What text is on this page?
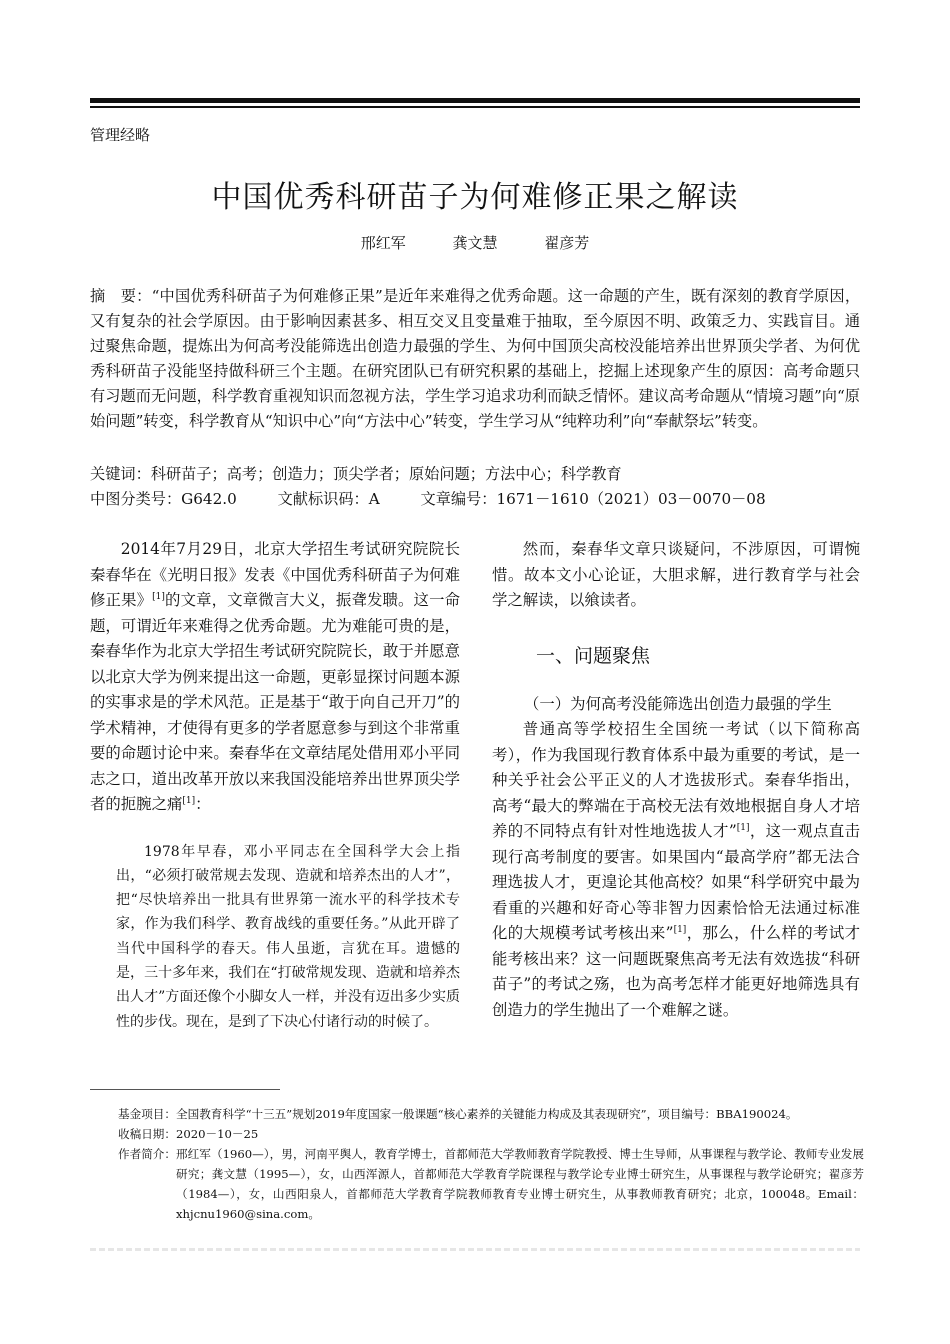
管理经略
中国优秀科研苗子为何难修正果之解读
邢红军	龚文慧	翟彦芳
摘　要：“中国优秀科研苗子为何难修正果”是近年来难得之优秀命题。这一命题的产生，既有深刻的教育学原因，又有复杂的社会学原因。由于影响因素甚多、相互交叉且变量难于抽取，至今原因不明、政策乏力、实践盲目。通过聚焦命题，提炼出为何高考没能筛选出创造力最强的学生、为何中国顶尖高校没能培养出世界顶尖学者、为何优秀科研苗子没能坚持做科研三个主题。在研究团队已有研究积累的基础上，挖掘上述现象产生的原因：高考命题只有习题而无问题，科学教育重视知识而忽视方法，学生学习追求功利而缺乏情怀。建议高考命题从“情境习题”向“原始问题”转变，科学教育从“知识中心”向“方法中心”转变，学生学习从“纯粹功利”向“奉献祭坛”转变。
关键词：科研苗子；高考；创造力；顶尖学者；原始问题；方法中心；科学教育
中图分类号：G642.0	文献标识码：A	文章编号：1671－1610（2021）03－0070－08

2014年7月29日，北京大学招生考试研究院院长秦春华在《光明日报》发表《中国优秀科研苗子为何难修正果》[1]的文章，文章微言大义，振聋发聩。这一命题，可谓近年来难得之优秀命题。尤为难能可贵的是，秦春华作为北京大学招生考试研究院院长，敢于并愿意以北京大学为例来提出这一命题，更彰显探讨问题本源的实事求是的学术风范。正是基于“敢于向自己开刀”的学术精神，才使得有更多的学者愿意参与到这个非常重要的命题讨论中来。秦春华在文章结尾处借用邓小平同志之口，道出改革开放以来我国没能培养出世界顶尖学者的扼腕之痛[1]：

1978年早春，邓小平同志在全国科学大会上指出，“必须打破常规去发现、造就和培养杰出的人才”，把“尽快培养出一批具有世界第一流水平的科学技术专家，作为我们科学、教育战线的重要任务。”从此开辟了当代中国科学的春天。伟人虽逝，言犹在耳。遗憾的是，三十多年来，我们在“打破常规发现、造就和培养杰出人才”方面还像个小脚女人一样，并没有迈出多少实质性的步伐。现在，是到了下决心付诸行动的时候了。

然而，秦春华文章只谈疑问，不涉原因，可谓惋惜。故本文小心论证，大胆求解，进行教育学与社会学之解读，以飨读者。

一、问题聚焦
（一）为何高考没能筛选出创造力最强的学生

普通高等学校招生全国统一考试（以下简称高考），作为我国现行教育体系中最为重要的考试，是一种关乎社会公平正义的人才选拔形式。秦春华指出，高考“最大的弊端在于高校无法有效地根据自身人才培养的不同特点有针对性地选拔人才”[1]，这一观点直击现行高考制度的要害。如果国内“最高学府”都无法合理选拔人才，更遑论其他高校？如果“科学研究中最为看重的兴趣和好奇心等非智力因素恰恰无法通过标准化的大规模考试考核出来”[1]，那么，什么样的考试才能考核出来？这一问题既聚焦高考无法有效选拔“科研苗子”的考试之殇，也为高考怎样才能更好地筛选具有创造力的学生抛出了一个难解之谜。

基金项目： 全国教育科学“十三五”规划2019年度国家一般课题“核心素养的关键能力构成及其表现研究”，项目编号：BBA190024。
收稿日期： 2020－10－25
作者简介： 邢红军（1960—），男，河南平舆人，教育学博士，首都师范大学教师教育学院教授、博士生导师，从事课程与教学论、教师专业发展研究；龚文慧（1995—），女，山西浑源人，首都师范大学教育学院课程与教学论专业博士研究生，从事课程与教学论研究；翟彦芳（1984—），女，山西阳泉人，首都师范大学教育学院教师教育专业博士研究生，从事教师教育研究；北京，100048。Email：xhjcnu1960@sina.com。
